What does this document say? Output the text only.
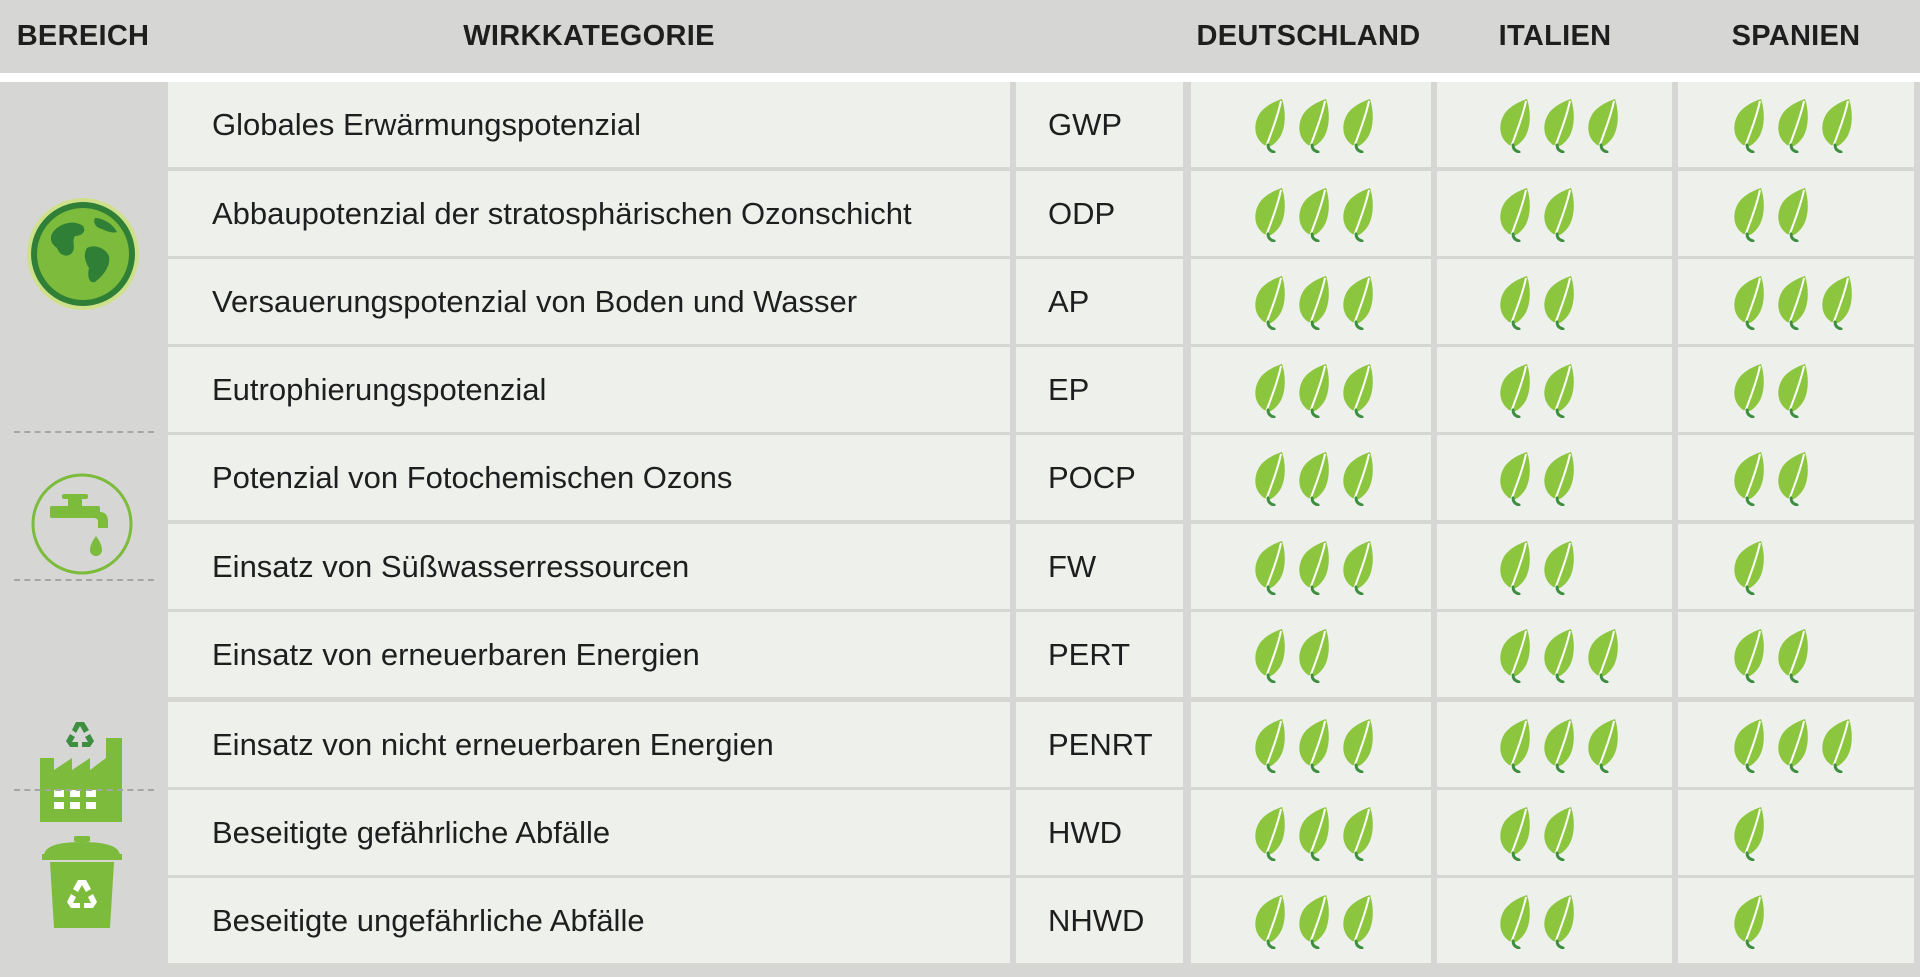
BEREICH	WIRKKATEGORIE	DEUTSCHLAND	ITALIEN	SPANIEN
Globales Erwärmungspotenzial	GWP
Abbaupotenzial der stratosphärischen Ozonschicht	ODP
Versauerungspotenzial von Boden und Wasser	AP
Eutrophierungspotenzial	EP
Potenzial von Fotochemischen Ozons	POCP
Einsatz von Süßwasserressourcen	FW
Einsatz von erneuerbaren Energien	PERT
Einsatz von nicht erneuerbaren Energien	PENRT
Beseitigte gefährliche Abfälle	HWD
Beseitigte ungefährliche Abfälle	NHWD
